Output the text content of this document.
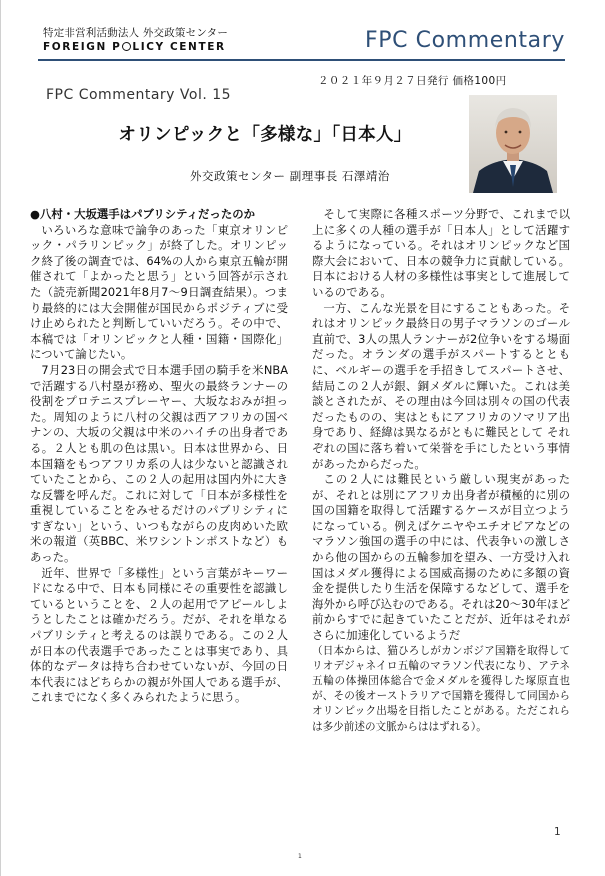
特定非営利活動法人 外交政策センター
FOREIGN P LICY CENTER	FPC Commentary
２０２１年９月２７日発行 価格100円
FPC Commentary Vol. 15
オリンピックと「多様な」「日本人」
外交政策センター 副理事長 石澤靖治

●八村・大坂選手はパブリシティだったのか

いろいろな意味で論争のあった「東京オリンピック・パラリンピック」が終了した。オリンピック終了後の調査では、64%の人から東京五輪が開催されて「よかったと思う」という回答が示された（読売新聞2021年8月7～9日調査結果）。つまり最終的には大会開催が国民からポジティブに受け止められたと判断していいだろう。その中で、本稿では「オリンピックと人種・国籍・国際化」について論じたい。

7月23日の開会式で日本選手団の騎手を米NBAで活躍する八村塁が務め、聖火の最終ランナーの役割をプロテニスプレーヤー、大坂なおみが担った。周知のように八村の父親は西アフリカの国ベナンの、大坂の父親は中米のハイチの出身者である。２人とも肌の色は黒い。日本は世界から、日本国籍をもつアフリカ系の人は少ないと認識されていたことから、この２人の起用は国内外に大きな反響を呼んだ。これに対して「日本が多様性を重視していることをみせるだけのパブリシティにすぎない」という、いつもながらの皮肉めいた欧米の報道（英BBC、米ワシントンポストなど）もあった。

近年、世界で「多様性」という言葉がキーワードになる中で、日本も同様にその重要性を認識しているということを、２人の起用でアピールしようとしたことは確かだろう。だが、それを単なるパブリシティと考えるのは誤りである。この２人が日本の代表選手であったことは事実であり、具体的なデータは持ち合わせていないが、今回の日本代表にはどちらかの親が外国人である選手が、これまでになく多くみられたように思う。

そして実際に各種スポーツ分野で、これまで以上に多くの人種の選手が「日本人」として活躍するようになっている。それはオリンピックなど国際大会において、日本の競争力に貢献している。日本における人材の多様性は事実として進展しているのである。

一方、こんな光景を目にすることもあった。それはオリンピック最終日の男子マラソンのゴール直前で、3人の黒人ランナーが2位争いをする場面だった。オランダの選手がスパートするとともに、ベルギーの選手を手招きしてスパートさせ、結局この２人が銀、銅メダルに輝いた。これは美談とされたが、その理由は今回は別々の国の代表だったものの、実はともにアフリカのソマリア出身であり、経緯は異なるがともに難民として それぞれの国に落ち着いて栄誉を手にしたという事情があったからだった。

この２人には難民という厳しい現実があったが、それとは別にアフリカ出身者が積極的に別の国の国籍を取得して活躍するケースが目立つようになっている。例えばケニヤやエチオピアなどのマラソン強国の選手の中には、代表争いの激しさから他の国からの五輪参加を望み、一方受け入れ国はメダル獲得による国威高揚のために多額の資金を提供したり生活を保障するなどして、選手を海外から呼び込むのである。それは20～30年ほど前からすでに起きていたことだが、近年はそれがさらに加速化しているようだ

（日本からは、猫ひろしがカンボジア国籍を取得してリオデジャネイロ五輪のマラソン代表になり、アテネ五輪の体操団体総合で金メダルを獲得した塚原直也が、その後オーストラリアで国籍を獲得して同国からオリンピック出場を目指したことがある。ただこれらは多少前述の文脈からははずれる）。

1
1
